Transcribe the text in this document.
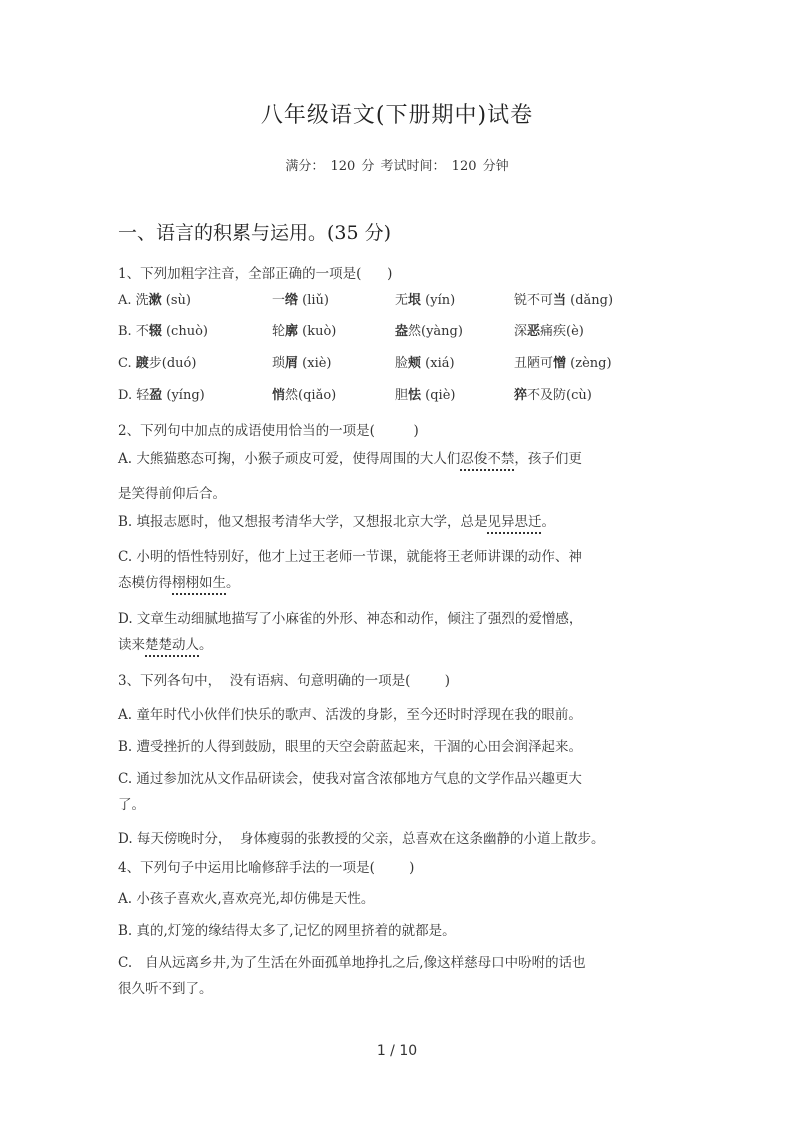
八年级语文(下册期中)试卷
满分： 120 分 考试时间： 120 分钟
一、语言的积累与运用。(35 分)
1、下列加粗字注音，全部正确的一项是(      )
A. 洗漱 (sù)	一绺 (liǔ)	无垠 (yín)	锐不可当 (dǎng)
B. 不辍 (chuò)	轮廓 (kuò)	盎然(yàng)	深恶痛疾(è)
C. 踱步(duó)	琐屑 (xiè)	脸颊 (xiá)	丑陋可憎 (zèng)
D. 轻盈 (yíng)	悄然(qiǎo)	胆怯 (qiè)	猝不及防(cù)
2、下列句中加点的成语使用恰当的一项是(         )
A. 大熊猫憨态可掬，小猴子顽皮可爱，使得周围的大人们忍俊不禁，孩子们更
是笑得前仰后合。
B. 填报志愿时，他又想报考清华大学，又想报北京大学，总是见异思迁。
C. 小明的悟性特别好，他才上过王老师一节课，就能将王老师讲课的动作、神
态模仿得栩栩如生。
D. 文章生动细腻地描写了小麻雀的外形、神态和动作，倾注了强烈的爱憎感，
读来楚楚动人。
3、下列各句中，  没有语病、句意明确的一项是(        )
A. 童年时代小伙伴们快乐的歌声、活泼的身影，至今还时时浮现在我的眼前。
B. 遭受挫折的人得到鼓励，眼里的天空会蔚蓝起来，干涸的心田会润泽起来。
C. 通过参加沈从文作品研读会，使我对富含浓郁地方气息的文学作品兴趣更大
了。
D. 每天傍晚时分，  身体瘦弱的张教授的父亲，总喜欢在这条幽静的小道上散步。
4、下列句子中运用比喻修辞手法的一项是(        )
A. 小孩子喜欢火,喜欢亮光,却仿佛是天性。
B. 真的,灯笼的缘结得太多了,记忆的网里挤着的就都是。
C.   自从远离乡井,为了生活在外面孤单地挣扎之后,像这样慈母口中吩咐的话也
很久听不到了。
1 / 10
